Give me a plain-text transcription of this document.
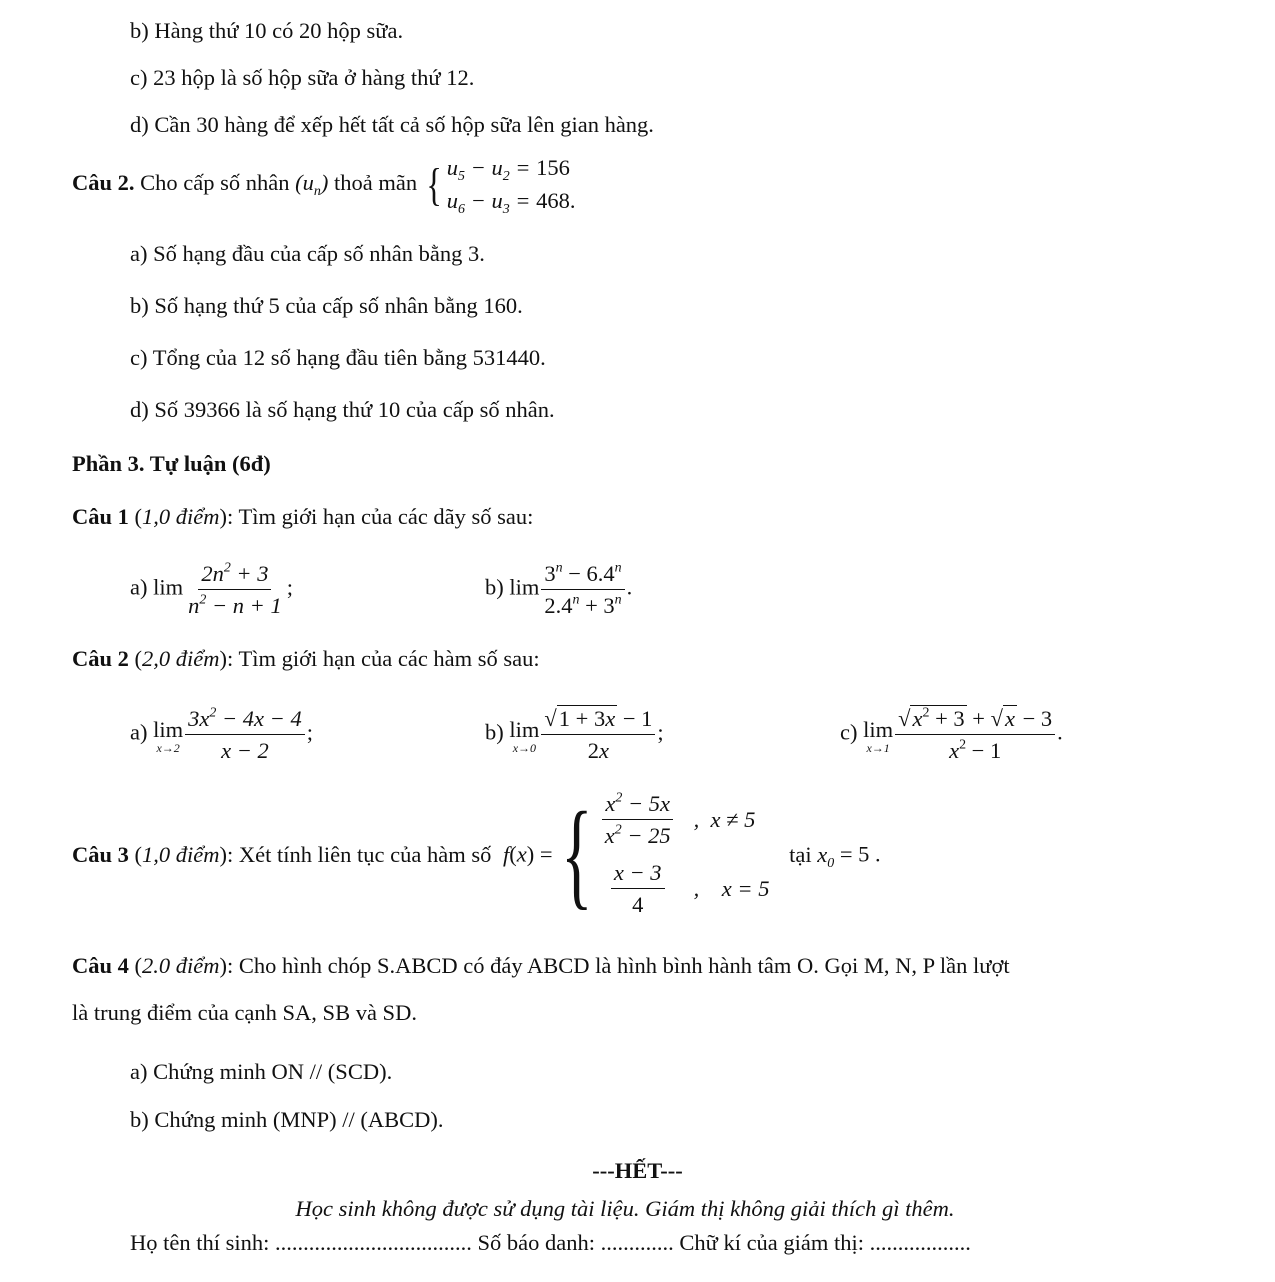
b) Hàng thứ 10 có 20 hộp sữa.
c) 23 hộp là số hộp sữa ở hàng thứ 12.
d) Cần 30 hàng để xếp hết tất cả số hộp sữa lên gian hàng.
Câu 2. Cho cấp số nhân $(u_n)$ thoả mãn { $u_5 - u_2 = 156$
$u_6 - u_3 = 468$.
a) Số hạng đầu của cấp số nhân bằng 3.
b) Số hạng thứ 5 của cấp số nhân bằng 160.
c) Tổng của 12 số hạng đầu tiên bằng 531440.
d) Số 39366 là số hạng thứ 10 của cấp số nhân.
Phần 3. Tự luận (6đ)
Câu 1 (1,0 điểm): Tìm giới hạn của các dãy số sau:
a) $\lim \frac{2n^2 + 3}{n^2 - n + 1}$ ;	b) $\lim \frac{3^n - 6.4^n}{2.4^n + 3^n}$ .
Câu 2 (2,0 điểm): Tìm giới hạn của các hàm số sau:
a) lim
$x\to 2 \frac{3x^2 - 4x - 4}{x - 2}$ ;	b) lim
$x\to 0 \frac{√1 + 3x - 1}{2x}$ ;	c) lim
$x\to 1 \frac{√x^2 + 3 + √x - 3}{x^2 - 1}$ .
Câu 3 (1,0 điểm): Xét tính liên tục của hàm số f(x) = { $\frac{x^2 - 5x}{x^2 - 25}$ ,  x ≠ 5
$\frac{x - 3}{4}$ ,    x = 5
tại $x_0 = 5$ .
Câu 4 (2.0 điểm): Cho hình chóp S.ABCD có đáy ABCD là hình bình hành tâm O. Gọi M, N, P lần lượt
là trung điểm của cạnh SA, SB và SD.
a) Chứng minh ON // (SCD).
b) Chứng minh (MNP) // (ABCD).
---HẾT---
Học sinh không được sử dụng tài liệu. Giám thị không giải thích gì thêm.
Họ tên thí sinh: ................................... Số báo danh: ............. Chữ kí của giám thị: ..................
